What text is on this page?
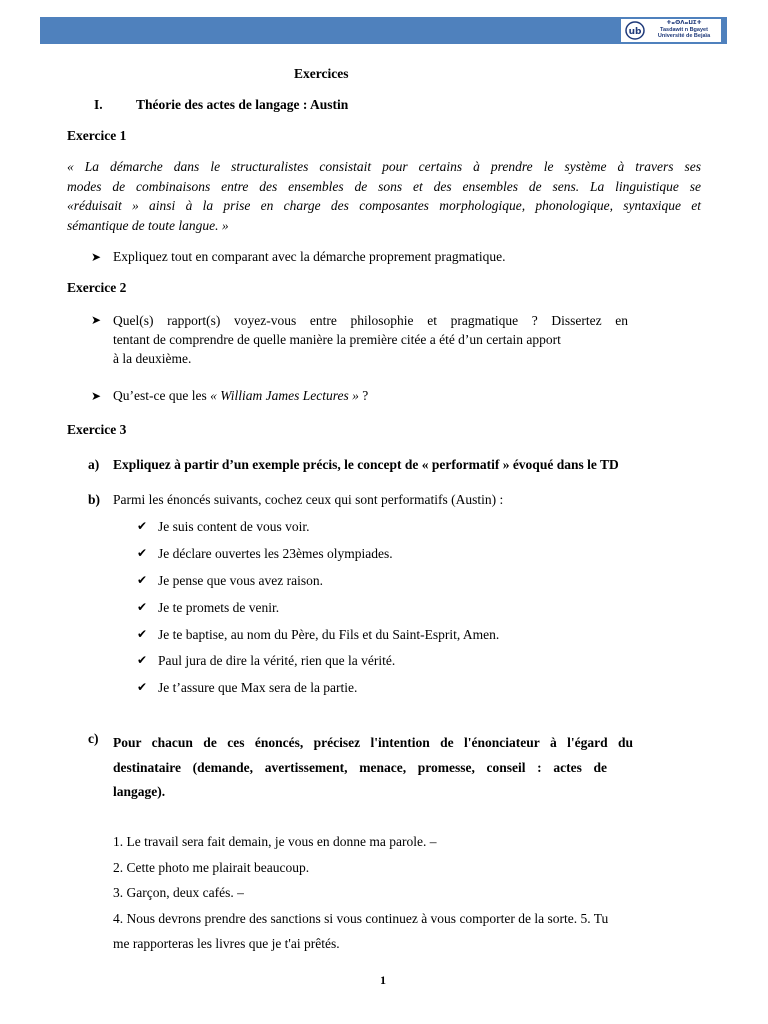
ub
ⵜⴰⵙⴷⴰⵡⵉⵜ
Tasdawit n Bgayet
Université de Bejaïa
Exercices
I. Théorie des actes de langage : Austin
Exercice 1
« La démarche dans le structuralistes consistait pour certains à prendre le système à travers ses
modes de combinaisons entre des ensembles de sons et des ensembles de sens. La linguistique se
«réduisait » ainsi à la prise en charge des composantes morphologique, phonologique, syntaxique et
sémantique de toute langue. »
➤ Expliquez tout en comparant avec la démarche proprement pragmatique.
Exercice 2
➤ Quel(s) rapport(s) voyez-vous entre philosophie et pragmatique ? Dissertez en
tentant de comprendre de quelle manière la première citée a été d’un certain apport
à la deuxième.
➤ Qu’est-ce que les « William James Lectures » ?
Exercice 3
a) Expliquez à partir d’un exemple précis, le concept de « performatif » évoqué dans le TD
b) Parmi les énoncés suivants, cochez ceux qui sont performatifs (Austin) :
✔ Je suis content de vous voir.
✔ Je déclare ouvertes les 23èmes olympiades.
✔ Je pense que vous avez raison.
✔ Je te promets de venir.
✔ Je te baptise, au nom du Père, du Fils et du Saint-Esprit, Amen.
✔ Paul jura de dire la vérité, rien que la vérité.
✔ Je t’assure que Max sera de la partie.
c) Pour chacun de ces énoncés, précisez l'intention de l'énonciateur à l'égard du
destinataire (demande, avertissement, menace, promesse, conseil : actes de
langage).
1. Le travail sera fait demain, je vous en donne ma parole. –
2. Cette photo me plairait beaucoup.
3. Garçon, deux cafés. –
4. Nous devrons prendre des sanctions si vous continuez à vous comporter de la sorte. 5. Tu
me rapporteras les livres que je t'ai prêtés.
1
